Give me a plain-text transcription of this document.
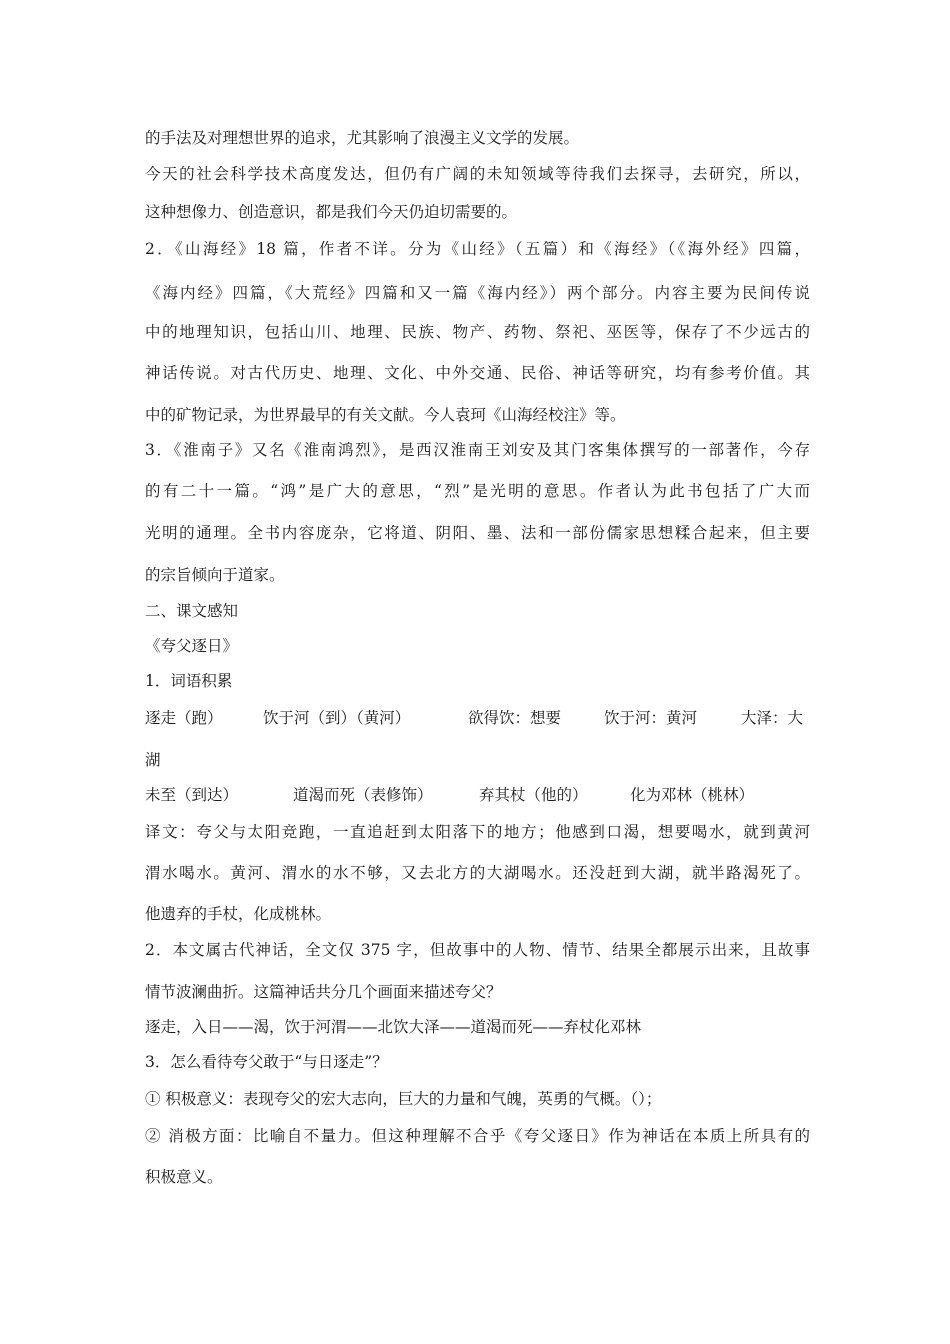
的手法及对理想世界的追求，尤其影响了浪漫主义文学的发展。
今天的社会科学技术高度发达，但仍有广阔的未知领域等待我们去探寻，去研究，所以，
这种想像力、创造意识，都是我们今天仍迫切需要的。
2．《山海经》18 篇，作者不详。分为《山经》（五篇）和《海经》（《海外经》四篇，
《海内经》四篇，《大荒经》四篇和又一篇《海内经》）两个部分。内容主要为民间传说
中的地理知识，包括山川、地理、民族、物产、药物、祭祀、巫医等，保存了不少远古的
神话传说。对古代历史、地理、文化、中外交通、民俗、神话等研究，均有参考价值。其
中的矿物记录，为世界最早的有关文献。今人袁珂《山海经校注》等。
3．《淮南子》又名《淮南鸿烈》，是西汉淮南王刘安及其门客集体撰写的一部著作，今存
的有二十一篇。“鸿”是广大的意思，“烈”是光明的意思。作者认为此书包括了广大而
光明的通理。全书内容庞杂，它将道、阴阳、墨、法和一部份儒家思想糅合起来，但主要
的宗旨倾向于道家。
二、课文感知
《夸父逐日》
1．词语积累
逐走（跑）	饮于河（到）（黄河）	欲得饮：想要	饮于河：黄河	大泽：大
湖
未至（到达）	道渴而死（表修饰）	弃其杖（他的）	化为邓林（桃林）
译文：夸父与太阳竞跑，一直追赶到太阳落下的地方；他感到口渴，想要喝水，就到黄河
渭水喝水。黄河、渭水的水不够，又去北方的大湖喝水。还没赶到大湖，就半路渴死了。
他遗弃的手杖，化成桃林。
2．本文属古代神话，全文仅 375 字，但故事中的人物、情节、结果全都展示出来，且故事
情节波澜曲折。这篇神话共分几个画面来描述夸父？
逐走，入日——渴，饮于河渭——北饮大泽——道渴而死——弃杖化邓林
3．怎么看待夸父敢于“与日逐走”？
① 积极意义：表现夸父的宏大志向，巨大的力量和气魄，英勇的气概。（）；
② 消极方面：比喻自不量力。但这种理解不合乎《夸父逐日》作为神话在本质上所具有的
积极意义。
